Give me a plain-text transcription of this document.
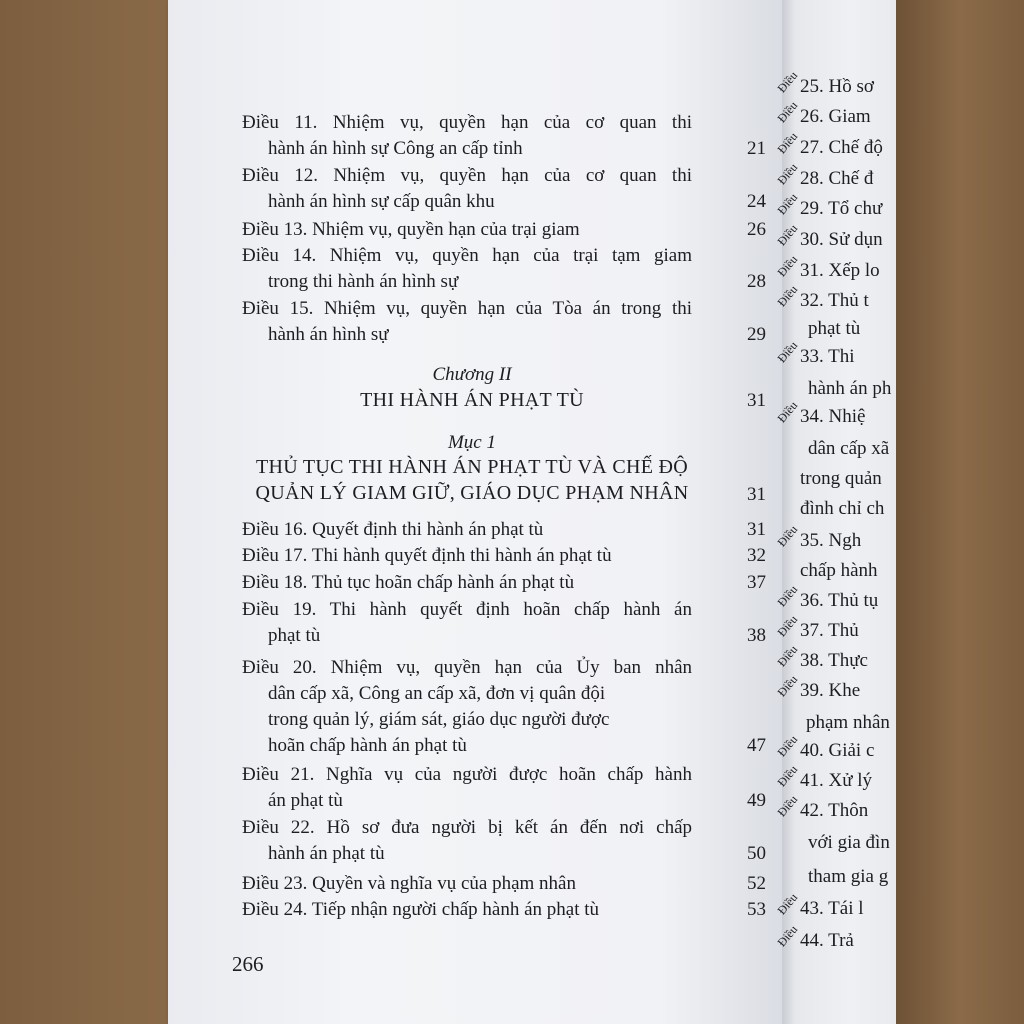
Điều 11. Nhiệm vụ, quyền hạn của cơ quan thi
hành án hình sự Công an cấp tỉnh	21
Điều 12. Nhiệm vụ, quyền hạn của cơ quan thi
hành án hình sự cấp quân khu	24
Điều 13. Nhiệm vụ, quyền hạn của trại giam	26
Điều 14. Nhiệm vụ, quyền hạn của trại tạm giam
trong thi hành án hình sự	28
Điều 15. Nhiệm vụ, quyền hạn của Tòa án trong thi
hành án hình sự	29
Chương II
THI HÀNH ÁN PHẠT TÙ	31
Mục 1
THỦ TỤC THI HÀNH ÁN PHẠT TÙ VÀ CHẾ ĐỘ
QUẢN LÝ GIAM GIỮ, GIÁO DỤC PHẠM NHÂN	31
Điều 16. Quyết định thi hành án phạt tù	31
Điều 17. Thi hành quyết định thi hành án phạt tù	32
Điều 18. Thủ tục hoãn chấp hành án phạt tù	37
Điều 19. Thi hành quyết định hoãn chấp hành án
phạt tù	38
Điều 20. Nhiệm vụ, quyền hạn của Ủy ban nhân
dân cấp xã, Công an cấp xã, đơn vị quân đội
trong quản lý, giám sát, giáo dục người được
hoãn chấp hành án phạt tù	47
Điều 21. Nghĩa vụ của người được hoãn chấp hành
án phạt tù	49
Điều 22. Hồ sơ đưa người bị kết án đến nơi chấp
hành án phạt tù	50
Điều 23. Quyền và nghĩa vụ của phạm nhân	52
Điều 24. Tiếp nhận người chấp hành án phạt tù	53
266
Điều25. Hồ sơ
Điều26. Giam
Điều27. Chế độ
Điều28. Chế đ
Điều29. Tổ chư
Điều30. Sử dụn
Điều31. Xếp lo
Điều32. Thủ t
phạt tù
Điều33. Thi
hành án ph
Điều34. Nhiệ
dân cấp xã
trong quản
đình chỉ ch
Điều35. Ngh
chấp hành
Điều36. Thủ tụ
Điều37. Thủ
Điều38. Thực
Điều39. Khe
phạm nhân
Điều40. Giải c
Điều41. Xử lý
Điều42. Thôn
với gia đìn
tham gia g
Điều43. Tái l
Điều44. Trả
